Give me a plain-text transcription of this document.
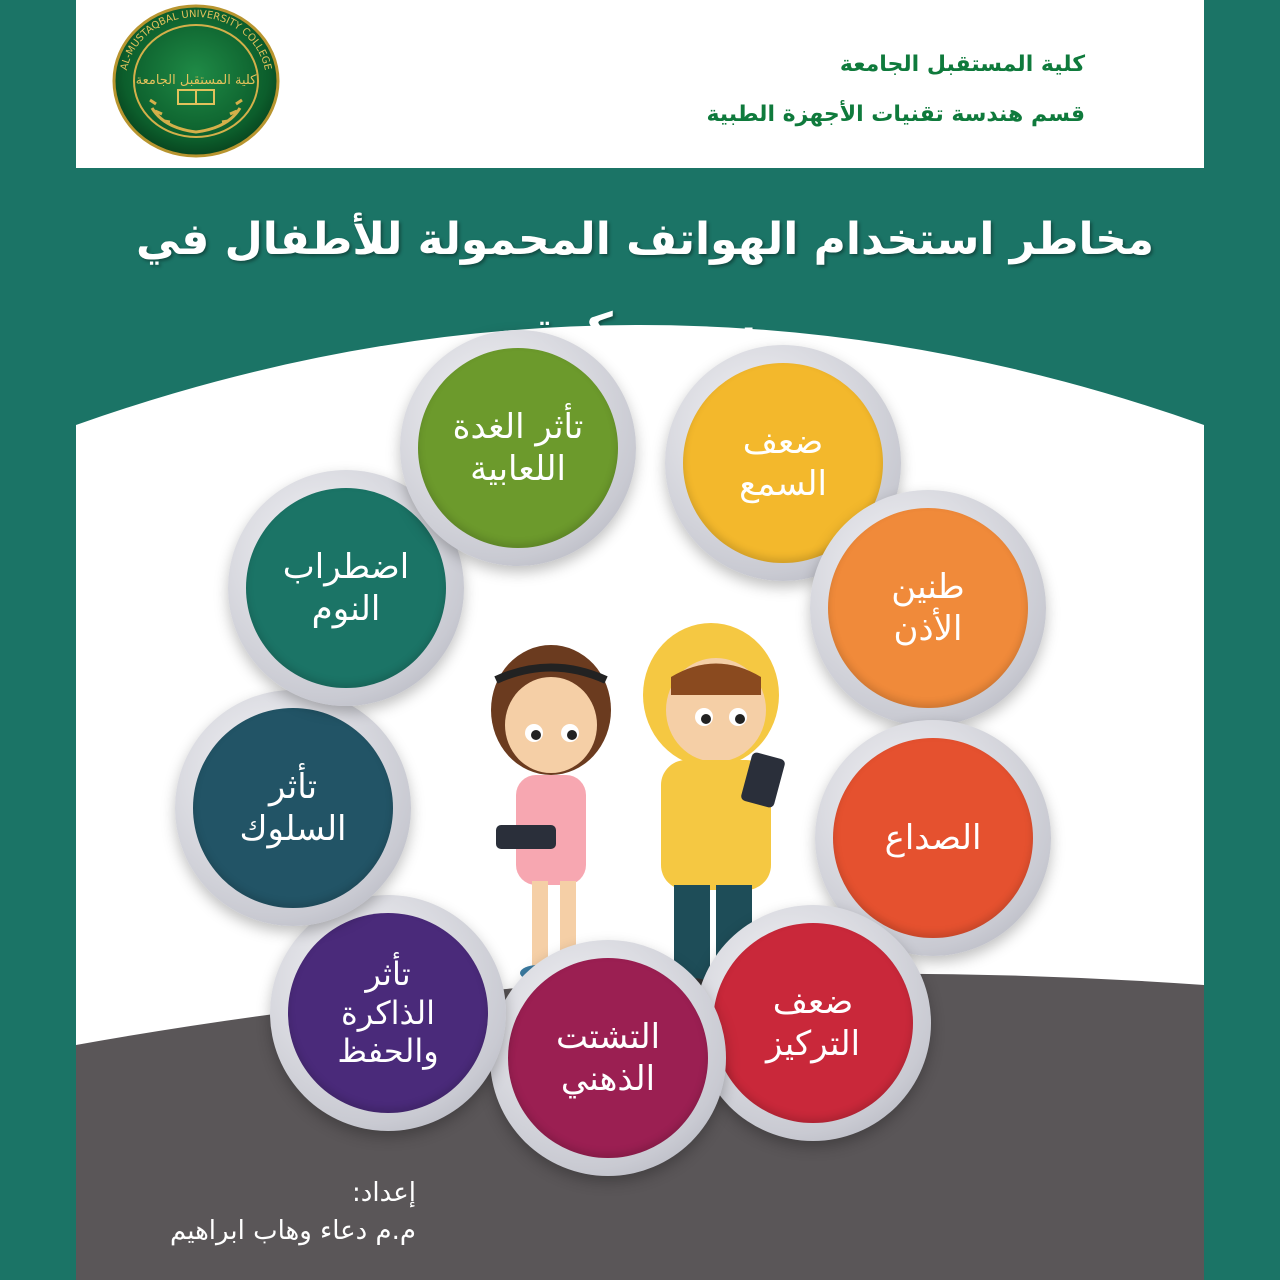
كلية المستقبل الجامعة
AL-MUSTAQBAL UNIVERSITY COLLEGE	كلية المستقبل الجامعة
قسم هندسة تقنيات الأجهزة الطبية
مخاطر استخدام الهواتف المحمولة للأطفال في
ضعف
السمع
طنين
الأذن
الصداع
ضعف
التركيز
التشتت
الذهني
تأثر
الذاكرة
والحفظ
تأثر
السلوك
اضطراب
النوم
تأثر الغدة
اللعابية
إعداد:
م.م دعاء وهاب ابراهيم
